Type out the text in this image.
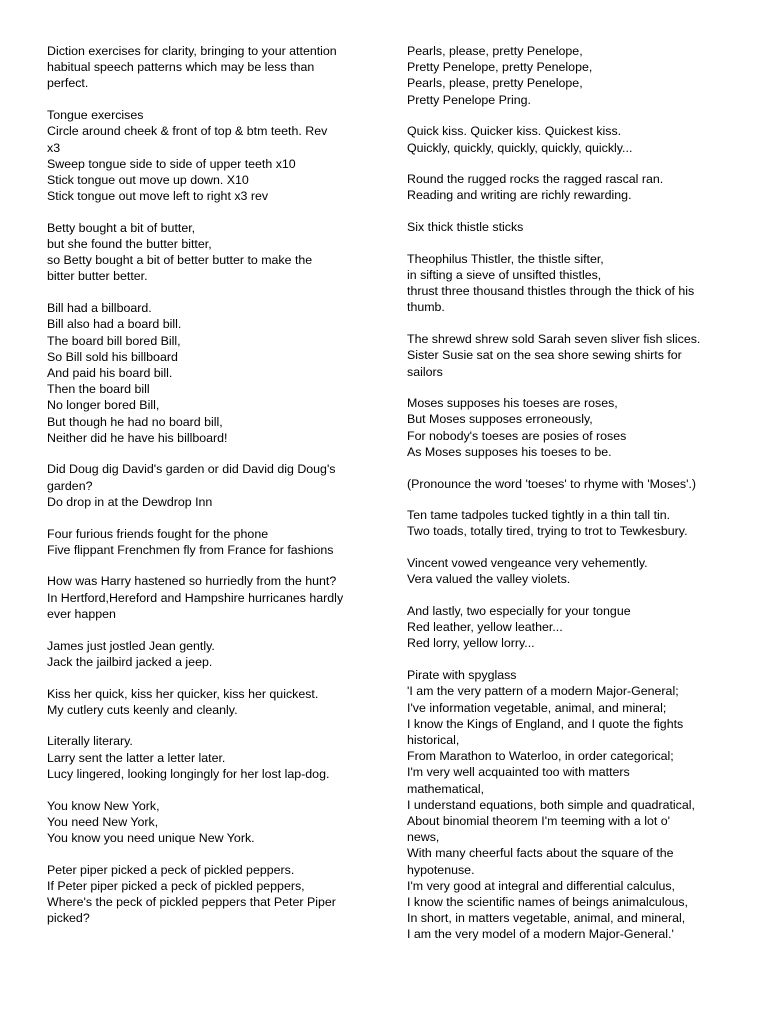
Diction exercises for clarity, bringing to your attention
habitual speech patterns which may be less than
perfect.
Tongue exercises
Circle around cheek & front of top & btm teeth. Rev
x3
Sweep tongue side to side of upper teeth x10
Stick tongue out move up down. X10
Stick tongue out move left to right x3 rev
Betty bought a bit of butter,
but she found the butter bitter,
so Betty bought a bit of better butter to make the
bitter butter better.
Bill had a billboard.
Bill also had a board bill.
The board bill bored Bill,
So Bill sold his billboard
And paid his board bill.
Then the board bill
No longer bored Bill,
But though he had no board bill,
Neither did he have his billboard!
Did Doug dig David's garden or did David dig Doug's
garden?
Do drop in at the Dewdrop Inn
Four furious friends fought for the phone
Five flippant Frenchmen fly from France for fashions
How was Harry hastened so hurriedly from the hunt?
In Hertford,Hereford and Hampshire hurricanes hardly
ever happen
James just jostled Jean gently.
Jack the jailbird jacked a jeep.
Kiss her quick, kiss her quicker, kiss her quickest.
My cutlery cuts keenly and cleanly.
Literally literary.
Larry sent the latter a letter later.
Lucy lingered, looking longingly for her lost lap-dog.
You know New York,
You need New York,
You know you need unique New York.
Peter piper picked a peck of pickled peppers.
If Peter piper picked a peck of pickled peppers,
Where's the peck of pickled peppers that Peter Piper
picked?
Pearls, please, pretty Penelope,
Pretty Penelope, pretty Penelope,
Pearls, please, pretty Penelope,
Pretty Penelope Pring.
Quick kiss. Quicker kiss. Quickest kiss.
Quickly, quickly, quickly, quickly, quickly...
Round the rugged rocks the ragged rascal ran.
Reading and writing are richly rewarding.
Six thick thistle sticks
Theophilus Thistler, the thistle sifter,
in sifting a sieve of unsifted thistles,
thrust three thousand thistles through the thick of his
thumb.
The shrewd shrew sold Sarah seven sliver fish slices.
Sister Susie sat on the sea shore sewing shirts for
sailors
Moses supposes his toeses are roses,
But Moses supposes erroneously,
For nobody's toeses are posies of roses
As Moses supposes his toeses to be.
(Pronounce the word 'toeses' to rhyme with 'Moses'.)
Ten tame tadpoles tucked tightly in a thin tall tin.
Two toads, totally tired, trying to trot to Tewkesbury.
Vincent vowed vengeance very vehemently.
Vera valued the valley violets.
And lastly, two especially for your tongue
Red leather, yellow leather...
Red lorry, yellow lorry...
Pirate with spyglass
'I am the very pattern of a modern Major-General;
I've information vegetable, animal, and mineral;
I know the Kings of England, and I quote the fights
historical,
From Marathon to Waterloo, in order categorical;
I'm very well acquainted too with matters
mathematical,
I understand equations, both simple and quadratical,
About binomial theorem I'm teeming with a lot o'
news,
With many cheerful facts about the square of the
hypotenuse.
I'm very good at integral and differential calculus,
I know the scientific names of beings animalculous,
In short, in matters vegetable, animal, and mineral,
I am the very model of a modern Major-General.'
